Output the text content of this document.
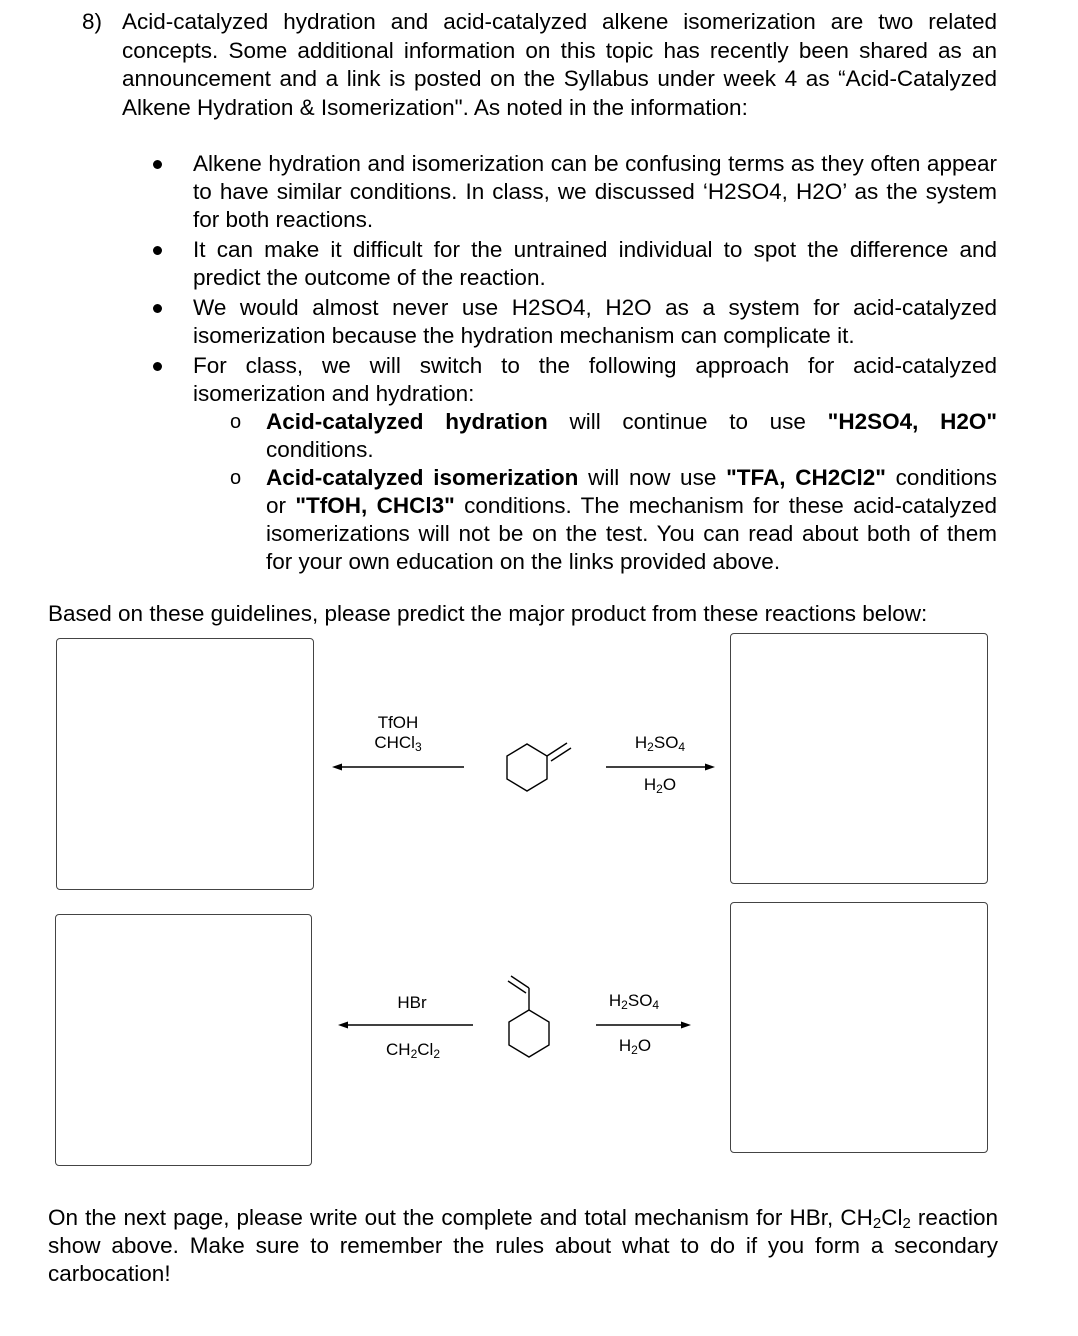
8) Acid-catalyzed hydration and acid-catalyzed alkene isomerization are two related concepts. Some additional information on this topic has recently been shared as an announcement and a link is posted on the Syllabus under week 4 as “Acid-Catalyzed Alkene Hydration & Isomerization". As noted in the information:
Alkene hydration and isomerization can be confusing terms as they often appear to have similar conditions. In class, we discussed ‘H2SO4, H2O’ as the system for both reactions.
It can make it difficult for the untrained individual to spot the difference and predict the outcome of the reaction.
We would almost never use H2SO4, H2O as a system for acid-catalyzed isomerization because the hydration mechanism can complicate it.
For class, we will switch to the following approach for acid-catalyzed isomerization and hydration:
o Acid-catalyzed hydration will continue to use "H2SO4, H2O" conditions.
o Acid-catalyzed isomerization will now use "TFA, CH2Cl2" conditions or "TfOH, CHCl3" conditions. The mechanism for these acid-catalyzed isomerizations will not be on the test. You can read about both of them for your own education on the links provided above.
Based on these guidelines, please predict the major product from these reactions below:
TfOH
CHCl$_3$	$H_2SO_4$
$H_2O$
HBr
$CH_2Cl_2$
$H_2SO_4$
$H_2O$
On the next page, please write out the complete and total mechanism for HBr, $CH_2Cl_2$ reaction show above. Make sure to remember the rules about what to do if you form a secondary carbocation!
